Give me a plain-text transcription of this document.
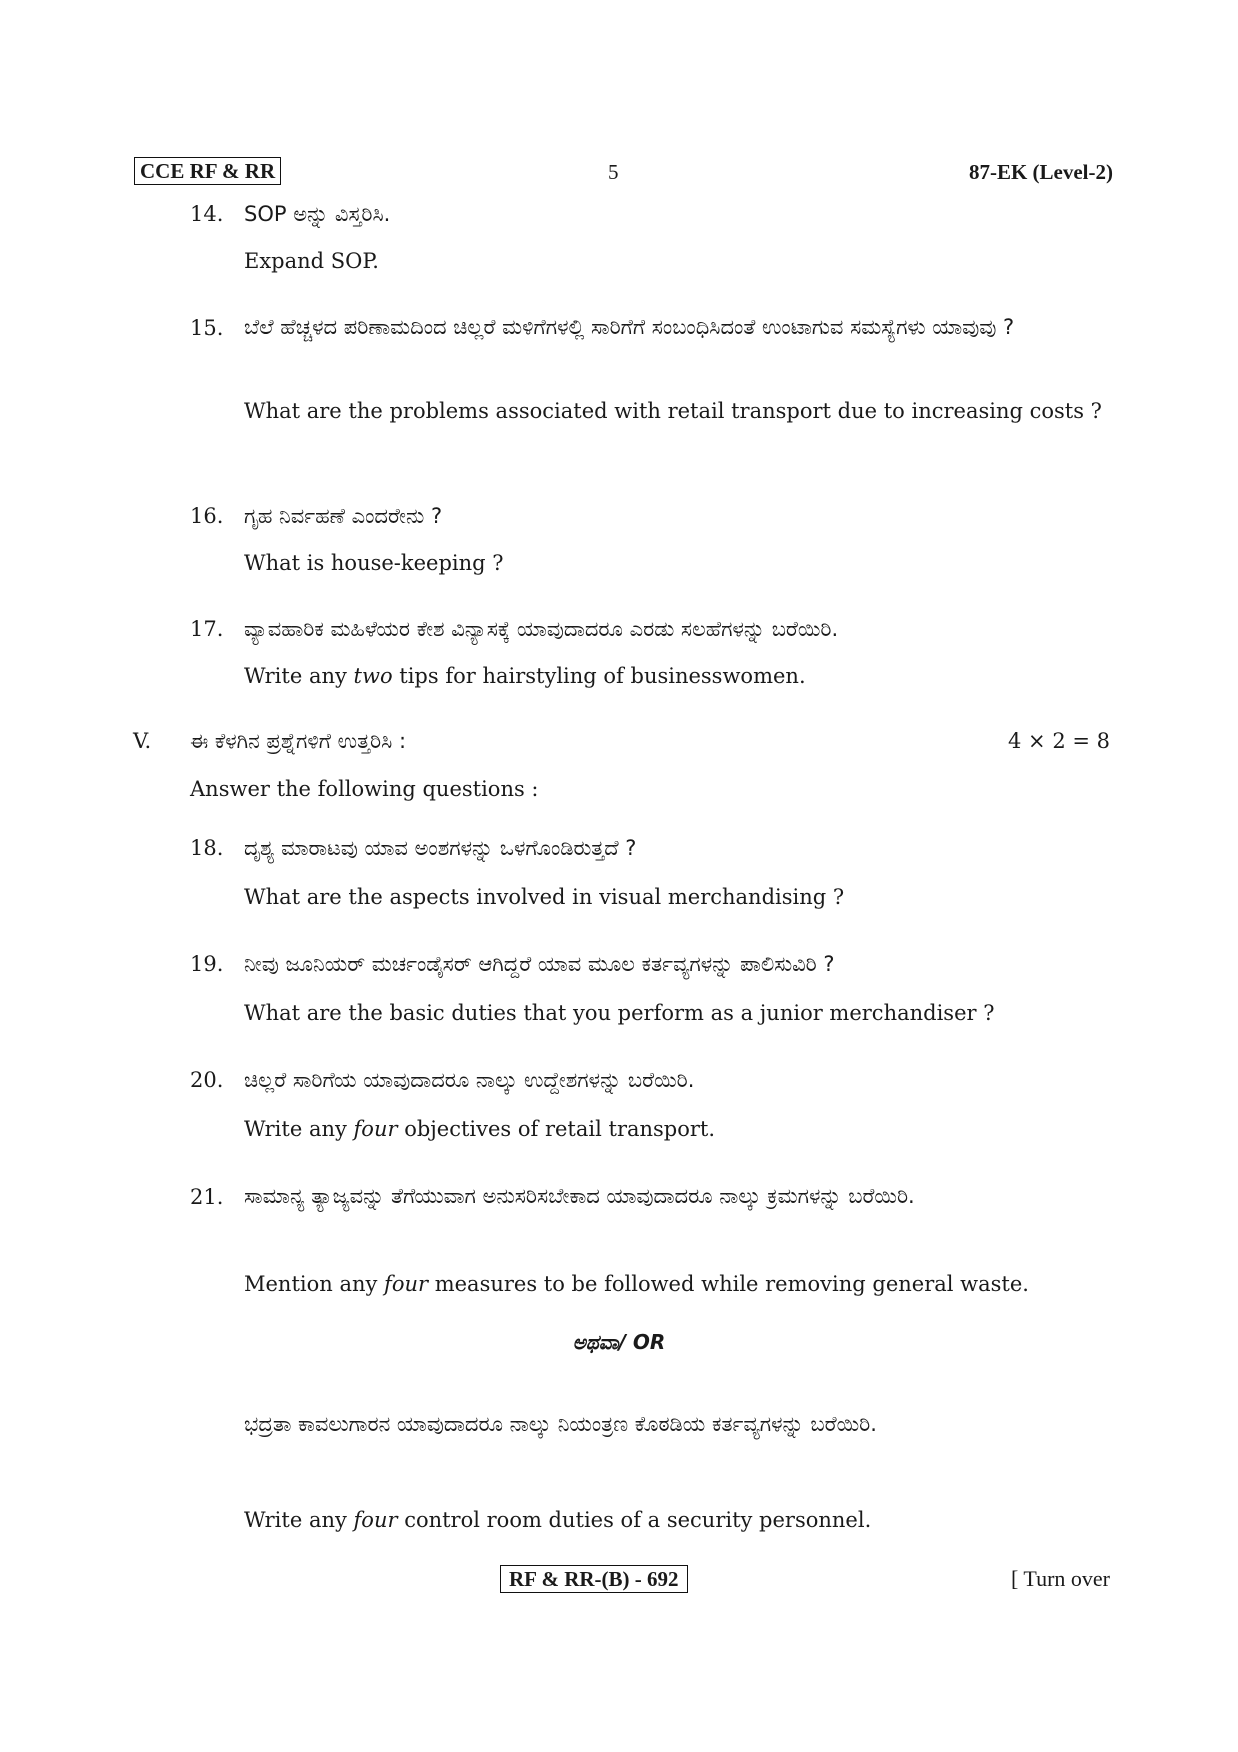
CCE RF & RR	5	87-EK (Level-2)
14. SOP ಅನ್ನು ವಿಸ್ತರಿಸಿ.
Expand SOP.
15. ಬೆಲೆ ಹೆಚ್ಚಳದ ಪರಿಣಾಮದಿಂದ ಚಿಲ್ಲರೆ ಮಳಿಗೆಗಳಲ್ಲಿ ಸಾರಿಗೆಗೆ ಸಂಬಂಧಿಸಿದಂತೆ ಉಂಟಾಗುವ ಸಮಸ್ಯೆಗಳು ಯಾವುವು ?
What are the problems associated with retail transport due to increasing costs ?
16. ಗೃಹ ನಿರ್ವಹಣೆ ಎಂದರೇನು ?
What is house-keeping ?
17. ವ್ಯಾವಹಾರಿಕ ಮಹಿಳೆಯರ ಕೇಶ ವಿನ್ಯಾಸಕ್ಕೆ ಯಾವುದಾದರೂ ಎರಡು ಸಲಹೆಗಳನ್ನು ಬರೆಯಿರಿ.
Write any two tips for hairstyling of businesswomen.
V. ಈ ಕೆಳಗಿನ ಪ್ರಶ್ನೆಗಳಿಗೆ ಉತ್ತರಿಸಿ :	4 × 2 = 8
Answer the following questions :
18. ದೃಶ್ಯ ಮಾರಾಟವು ಯಾವ ಅಂಶಗಳನ್ನು ಒಳಗೊಂಡಿರುತ್ತದೆ ?
What are the aspects involved in visual merchandising ?
19. ನೀವು ಜೂನಿಯರ್ ಮರ್ಚಂಡೈಸರ್ ಆಗಿದ್ದರೆ ಯಾವ ಮೂಲ ಕರ್ತವ್ಯಗಳನ್ನು ಪಾಲಿಸುವಿರಿ ?
What are the basic duties that you perform as a junior merchandiser ?
20. ಚಿಲ್ಲರೆ ಸಾರಿಗೆಯ ಯಾವುದಾದರೂ ನಾಲ್ಕು ಉದ್ದೇಶಗಳನ್ನು ಬರೆಯಿರಿ.
Write any four objectives of retail transport.
21. ಸಾಮಾನ್ಯ ತ್ಯಾಜ್ಯವನ್ನು ತೆಗೆಯುವಾಗ ಅನುಸರಿಸಬೇಕಾದ ಯಾವುದಾದರೂ ನಾಲ್ಕು ಕ್ರಮಗಳನ್ನು ಬರೆಯಿರಿ.
Mention any four measures to be followed while removing general waste.
ಅಥವಾ/ OR
ಭದ್ರತಾ ಕಾವಲುಗಾರನ ಯಾವುದಾದರೂ ನಾಲ್ಕು ನಿಯಂತ್ರಣ ಕೊಠಡಿಯ ಕರ್ತವ್ಯಗಳನ್ನು ಬರೆಯಿರಿ.
Write any four control room duties of a security personnel.
RF & RR-(B) - 692	[ Turn over
